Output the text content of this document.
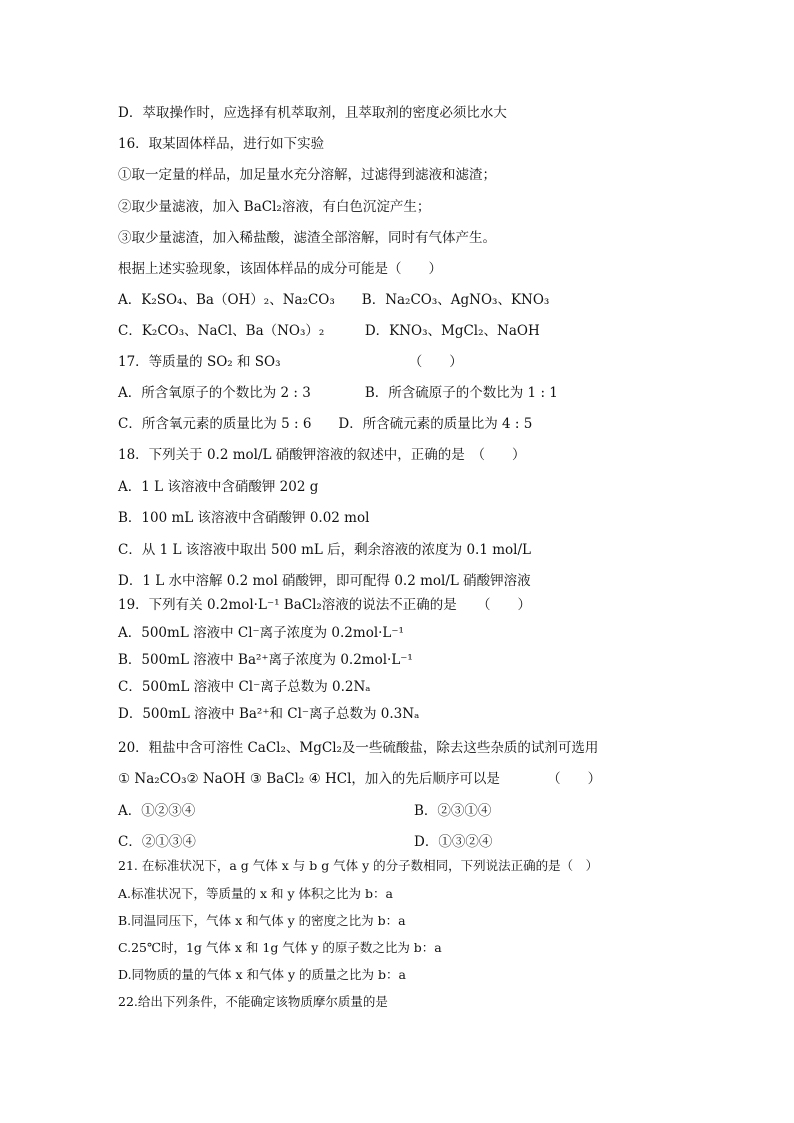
D．萃取操作时，应选择有机萃取剂，且萃取剂的密度必须比水大
16．取某固体样品，进行如下实验
①取一定量的样品，加足量水充分溶解，过滤得到滤液和滤渣；
②取少量滤液，加入 BaCl₂溶液，有白色沉淀产生；
③取少量滤渣，加入稀盐酸，滤渣全部溶解，同时有气体产生。
根据上述实验现象，该固体样品的成分可能是（　　）
A．K₂SO₄、Ba（OH）₂、Na₂CO₃　　B．Na₂CO₃、AgNO₃、KNO₃
C．K₂CO₃、NaCl、Ba（NO₃）₂　　　D．KNO₃、MgCl₂、NaOH
17．等质量的 SO₂ 和 SO₃　　　　　　　　　　（　　）
A．所含氧原子的个数比为 2 : 3　　　　B．所含硫原子的个数比为 1 : 1
C．所含氧元素的质量比为 5 : 6　　D．所含硫元素的质量比为 4 : 5
18．下列关于 0.2 mol/L 硝酸钾溶液的叙述中，正确的是　（　　）
A．1 L 该溶液中含硝酸钾 202 g
B．100 mL 该溶液中含硝酸钾 0.02 mol
C．从 1 L 该溶液中取出 500 mL 后，剩余溶液的浓度为 0.1 mol/L
D．1 L 水中溶解 0.2 mol 硝酸钾，即可配得 0.2 mol/L 硝酸钾溶液
19．下列有关 0.2mol·L⁻¹ BaCl₂溶液的说法不正确的是　　（　　）
A．500mL 溶液中 Cl⁻离子浓度为 0.2mol·L⁻¹
B．500mL 溶液中 Ba²⁺离子浓度为 0.2mol·L⁻¹
C．500mL 溶液中 Cl⁻离子总数为 0.2Nₐ
D．500mL 溶液中 Ba²⁺和 Cl⁻离子总数为 0.3Nₐ
20．粗盐中含可溶性 CaCl₂、MgCl₂及一些硫酸盐，除去这些杂质的试剂可选用
① Na₂CO₃② NaOH ③ BaCl₂ ④ HCl，加入的先后顺序可以是　　　　（　　）
A．①②③④	B．②③①④
C．②①③④	D．①③②④
21. 在标准状况下，a g 气体 x 与 b g 气体 y 的分子数相同，下列说法正确的是（　）
A.标准状况下，等质量的 x 和 y 体积之比为 b：a
B.同温同压下，气体 x 和气体 y 的密度之比为 b：a
C.25℃时，1g 气体 x 和 1g 气体 y 的原子数之比为 b：a
D.同物质的量的气体 x 和气体 y 的质量之比为 b：a
22.给出下列条件，不能确定该物质摩尔质量的是
